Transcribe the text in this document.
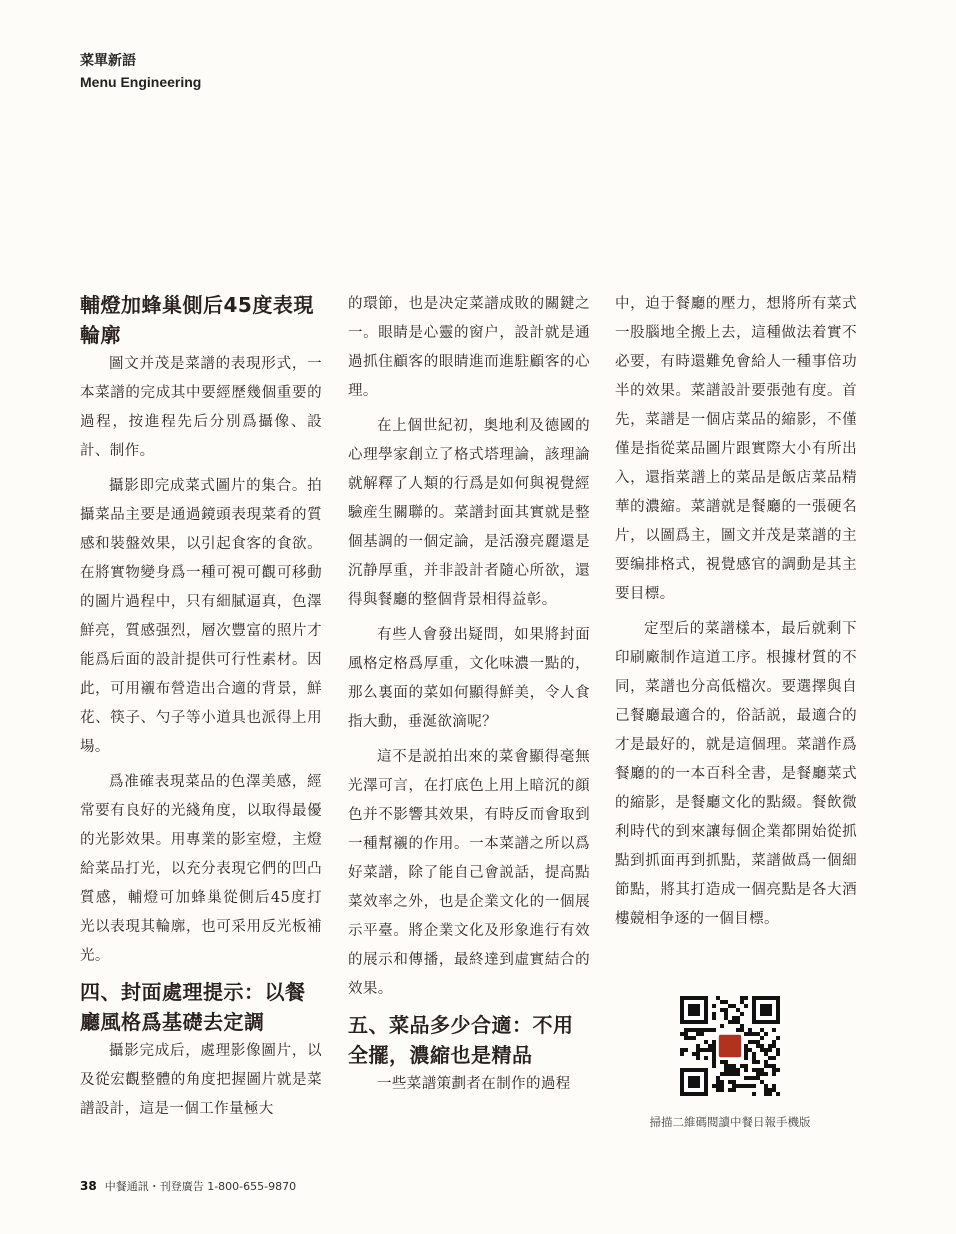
菜單新語
Menu Engineering
輔燈加蜂巢側后45度表現輪廓

圖文并茂是菜譜的表現形式，一本菜譜的完成其中要經歷幾個重要的過程，按進程先后分別爲攝像、設計、制作。

攝影即完成菜式圖片的集合。拍攝菜品主要是通過鏡頭表現菜肴的質感和裝盤效果，以引起食客的食欲。在將實物變身爲一種可視可觀可移動的圖片過程中，只有細膩逼真，色澤鮮亮，質感强烈，層次豐富的照片才能爲后面的設計提供可行性素材。因此，可用襯布營造出合適的背景，鮮花、筷子、勺子等小道具也派得上用場。

爲准確表現菜品的色澤美感，經常要有良好的光綫角度，以取得最優的光影效果。用專業的影室燈，主燈給菜品打光，以充分表現它們的凹凸質感，輔燈可加蜂巢從側后45度打光以表現其輪廓，也可采用反光板補光。

四、封面處理提示：以餐廳風格爲基礎去定調

攝影完成后，處理影像圖片，以及從宏觀整體的角度把握圖片就是菜譜設計，這是一個工作量極大

的環節，也是决定菜譜成敗的關鍵之一。眼睛是心靈的窗户，設計就是通過抓住顧客的眼睛進而進駐顧客的心理。

在上個世紀初，奥地利及德國的心理學家創立了格式塔理論，該理論就解釋了人類的行爲是如何與視覺經驗産生關聯的。菜譜封面其實就是整個基調的一個定論，是活潑亮麗還是沉静厚重，并非設計者隨心所欲，還得與餐廳的整個背景相得益彰。

有些人會發出疑問，如果將封面風格定格爲厚重，文化味濃一點的，那么裏面的菜如何顯得鮮美，令人食指大動，垂涎欲滴呢？

這不是説拍出來的菜會顯得毫無光澤可言，在打底色上用上暗沉的顔色并不影響其效果，有時反而會取到一種幫襯的作用。一本菜譜之所以爲好菜譜，除了能自己會説話，提高點菜效率之外，也是企業文化的一個展示平臺。將企業文化及形象進行有效的展示和傳播，最終達到虛實結合的效果。

五、菜品多少合適：不用全擺，濃縮也是精品

一些菜譜策劃者在制作的過程

中，迫于餐廳的壓力，想將所有菜式一股腦地全搬上去，這種做法着實不必要，有時還難免會給人一種事倍功半的效果。菜譜設計要張弛有度。首先，菜譜是一個店菜品的縮影，不僅僅是指從菜品圖片跟實際大小有所出入，還指菜譜上的菜品是飯店菜品精華的濃縮。菜譜就是餐廳的一張硬名片，以圖爲主，圖文并茂是菜譜的主要编排格式，視覺感官的調動是其主要目標。

定型后的菜譜樣本，最后就剩下印刷廠制作這道工序。根據材質的不同，菜譜也分高低檔次。要選擇與自己餐廳最適合的，俗話説，最適合的才是最好的，就是這個理。菜譜作爲餐廳的的一本百科全書，是餐廳菜式的縮影，是餐廳文化的點綴。餐飲微利時代的到來讓每個企業都開始從抓點到抓面再到抓點，菜譜做爲一個細節點，將其打造成一個亮點是各大酒樓競相争逐的一個目標。

掃描二維碼閱讀中餐日報手機版
38 中餐通訊・刊登廣告 1-800-655-9870
